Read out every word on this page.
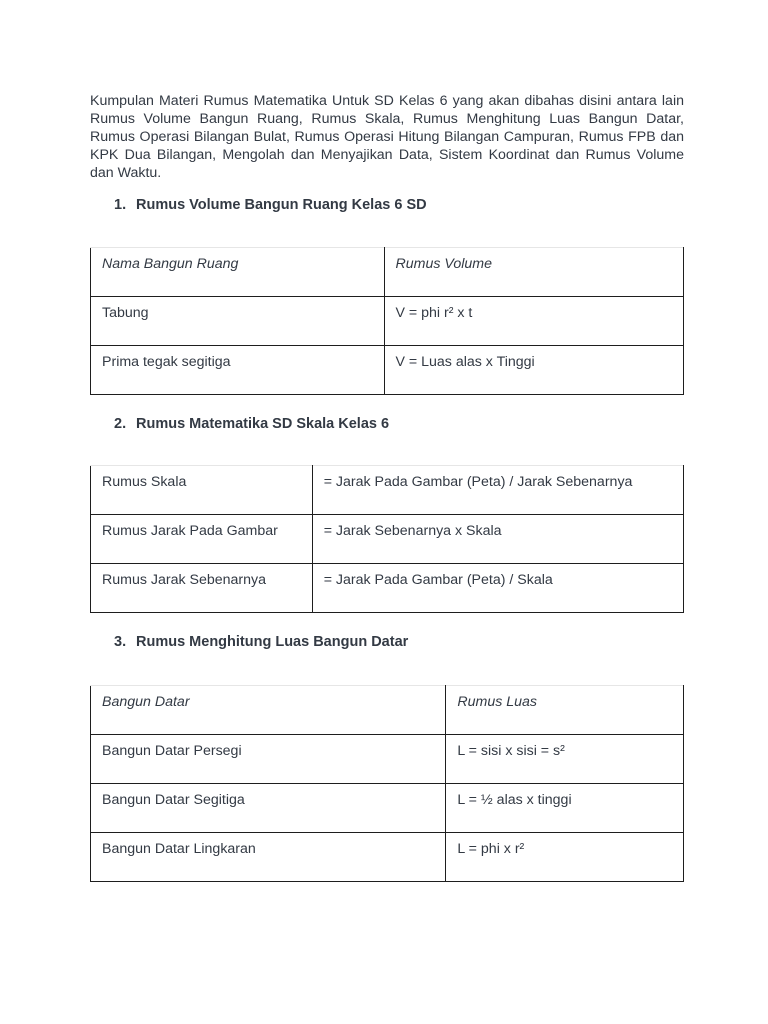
Kumpulan Materi Rumus Matematika Untuk SD Kelas 6 yang akan dibahas disini antara lain Rumus Volume Bangun Ruang, Rumus Skala, Rumus Menghitung Luas Bangun Datar, Rumus Operasi Bilangan Bulat, Rumus Operasi Hitung Bilangan Campuran, Rumus FPB dan KPK Dua Bilangan, Mengolah dan Menyajikan Data, Sistem Koordinat dan Rumus Volume dan Waktu.

1. Rumus Volume Bangun Ruang Kelas 6 SD
Nama Bangun Ruang	Rumus Volume

Tabung	V = phi r² x t

Prima tegak segitiga	V = Luas alas x Tinggi
2. Rumus Matematika SD Skala Kelas 6
Rumus Skala	= Jarak Pada Gambar (Peta) / Jarak Sebenarnya

Rumus Jarak Pada Gambar	= Jarak Sebenarnya x Skala

Rumus Jarak Sebenarnya	= Jarak Pada Gambar (Peta) / Skala
3. Rumus Menghitung Luas Bangun Datar
Bangun Datar	Rumus Luas

Bangun Datar Persegi	L = sisi x sisi = s²

Bangun Datar Segitiga	L = ½ alas x tinggi

Bangun Datar Lingkaran	L = phi x r²
